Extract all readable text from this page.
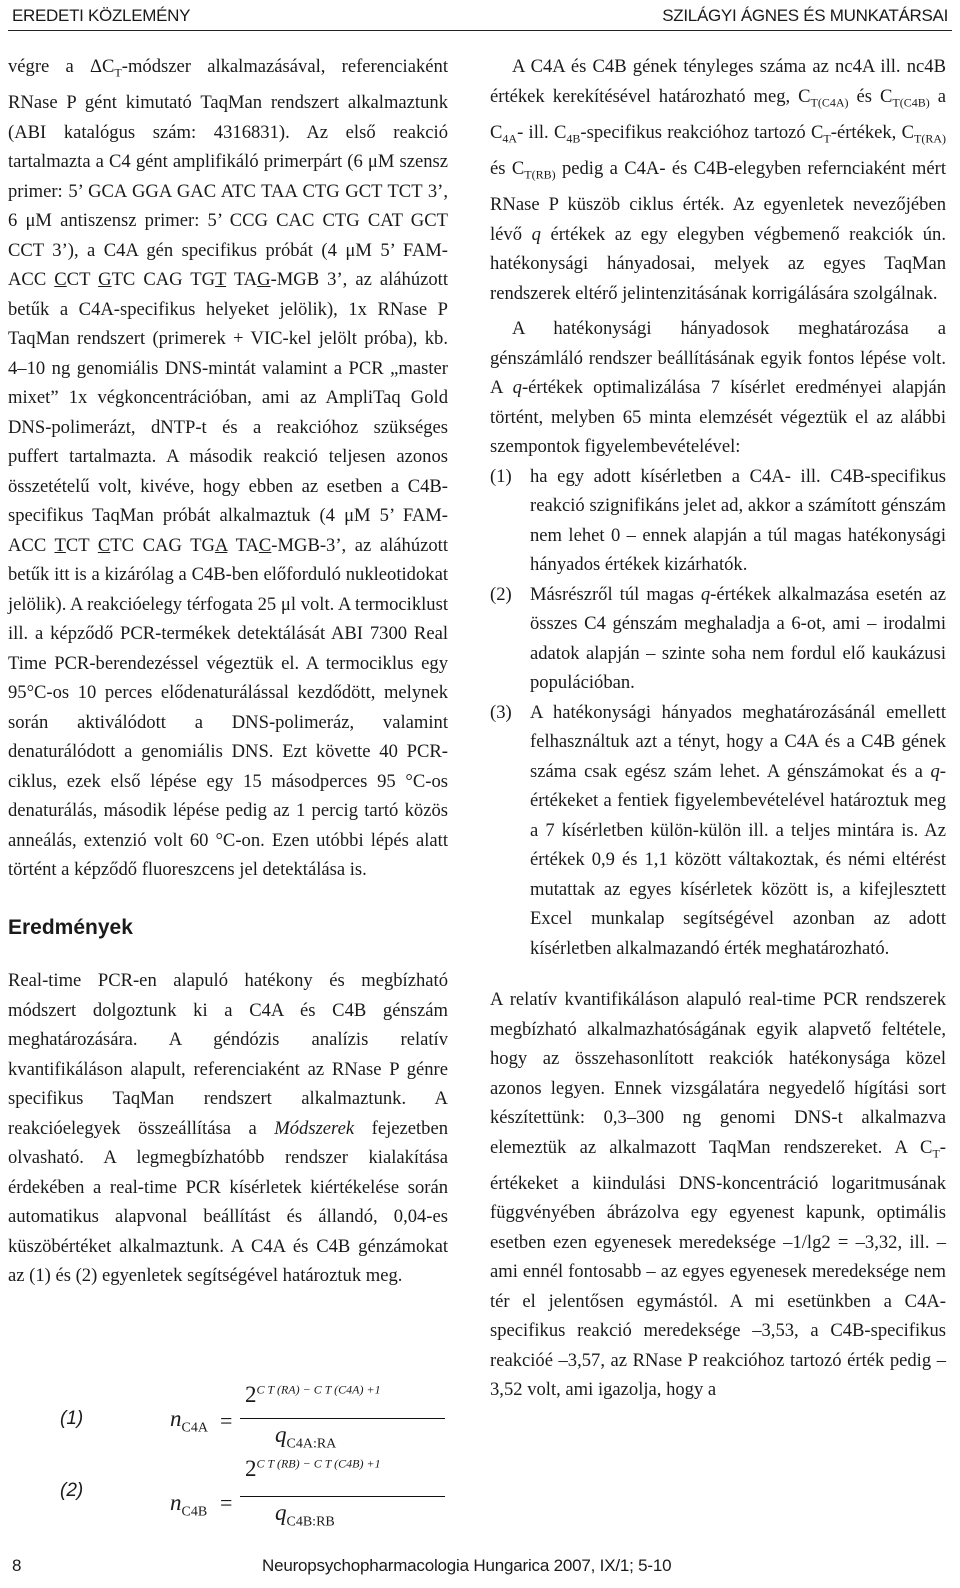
EREDETI KÖZLEMÉNY	SZILÁGYI ÁGNES ÉS MUNKATÁRSAI

végre a $\Delta C_T$-módszer alkalmazásával, referenciaként RNase P gént kimutató TaqMan rendszert alkalmaztunk (ABI katalógus szám: 4316831). Az első reakció tartalmazta a C4 gént amplifikáló primerpárt (6 μM szensz primer: 5’ GCA GGA GAC ATC TAA CTG GCT TCT 3’, 6 μM antiszensz primer: 5’ CCG CAC CTG CAT GCT CCT 3’), a C4A gén specifikus próbát (4 μM 5’ FAM-ACC CCT GTC CAG TGT TAG-MGB 3’, az aláhúzott betűk a C4A-specifikus helyeket jelölik), 1x RNase P TaqMan rendszert (primerek + VIC-kel jelölt próba), kb. 4–10 ng genomiális DNS-mintát valamint a PCR „master mixet” 1x végkoncentrációban, ami az AmpliTaq Gold DNS-polimerázt, dNTP-t és a reakcióhoz szükséges puffert tartalmazta. A második reakció teljesen azonos összetételű volt, kivéve, hogy ebben az esetben a C4B-specifikus TaqMan próbát alkalmaztuk (4 μM 5’ FAM-ACC TCT CTC CAG TGA TAC-MGB-3’, az aláhúzott betűk itt is a kizárólag a C4B-ben előforduló nukleotidokat jelölik). A reakcióelegy térfogata 25 μl volt. A termociklust ill. a képződő PCR-termékek detektálását ABI 7300 Real Time PCR-berendezéssel végeztük el. A termociklus egy 95°C-os 10 perces elődenaturálással kezdődött, melynek során aktiválódott a DNS-polimeráz, valamint denaturálódott a genomiális DNS. Ezt követte 40 PCR-ciklus, ezek első lépése egy 15 másodperces 95 °C-os denaturálás, második lépése pedig az 1 percig tartó közös anneálás, extenzió volt 60 °C-on. Ezen utóbbi lépés alatt történt a képződő fluoreszcens jel detektálása is.

Eredmények

Real-time PCR-en alapuló hatékony és megbízható módszert dolgoztunk ki a C4A és C4B génszám meghatározására. A géndózis analízis relatív kvantifikáláson alapult, referenciaként az RNase P génre specifikus TaqMan rendszert alkalmaztunk. A reakcióelegyek összeállítása a Módszerek fejezetben olvasható. A legmegbízhatóbb rendszer kialakítása érdekében a real-time PCR kísérletek kiértékelése során automatikus alapvonal beállítást és állandó, 0,04-es küszöbértéket alkalmaztunk. A C4A és C4B génzámokat az (1) és (2) egyenletek segítségével határoztuk meg.

(1)	$n_{C4A}$ =
$2^{C T (RA) - C T (C4A) +1}$
$q_{C4A:RA}$
(2)	$n_{C4B}$ =
$2^{C T (RB) - C T (C4B) +1}$
$q_{C4B:RB}$

A C4A és C4B gének tényleges száma az nc4A ill. nc4B értékek kerekítésével határozható meg, $C_{T(C4A)}$ és $C_{T(C4B)}$ a $C_{4A}-$ ill. $C_{4B}$-specifikus reakcióhoz tartozó $C_T$-értékek, $C_{T(RA)}$ és $C_{T(RB)}$ pedig a C4A- és C4B-elegyben refernciaként mért RNase P küszöb ciklus érték. Az egyenletek nevezőjében lévő q értékek az egy elegyben végbemenő reakciók ún. hatékonysági hányadosai, melyek az egyes TaqMan rendszerek eltérő jelintenzitásának korrigálására szolgálnak.

A hatékonysági hányadosok meghatározása a génszámláló rendszer beállításának egyik fontos lépése volt. A q-értékek optimalizálása 7 kísérlet eredményei alapján történt, melyben 65 minta elemzését végeztük el az alábbi szempontok figyelembevételével:

(1) ha egy adott kísérletben a C4A- ill. C4B-specifikus reakció szignifikáns jelet ad, akkor a számított génszám nem lehet 0 – ennek alapján a túl magas hatékonysági hányados értékek kizárhatók.
(2) Másrészről túl magas q-értékek alkalmazása esetén az összes C4 génszám meghaladja a 6-ot, ami – irodalmi adatok alapján – szinte soha nem fordul elő kaukázusi populációban.
(3) A hatékonysági hányados meghatározásánál emellett felhasználtuk azt a tényt, hogy a C4A és a C4B gének száma csak egész szám lehet. A génszámokat és a q-értékeket a fentiek figyelembevételével határoztuk meg a 7 kísérletben külön-külön ill. a teljes mintára is. Az értékek 0,9 és 1,1 között váltakoztak, és némi eltérést mutattak az egyes kísérletek között is, a kifejlesztett Excel munkalap segítségével azonban az adott kísérletben alkalmazandó érték meghatározható.

A relatív kvantifikáláson alapuló real-time PCR rendszerek megbízható alkalmazhatóságának egyik alapvető feltétele, hogy az összehasonlított reakciók hatékonysága közel azonos legyen. Ennek vizsgálatára negyedelő hígítási sort készítettünk: 0,3–300 ng genomi DNS-t alkalmazva elemeztük az alkalmazott TaqMan rendszereket. A $C_T$-értékeket a kiindulási DNS-koncentráció logaritmusának függvényében ábrázolva egy egyenest kapunk, optimális esetben ezen egyenesek meredeksége –1/lg2 = –3,32, ill. – ami ennél fontosabb – az egyes egyenesek meredeksége nem tér el jelentősen egymástól. A mi esetünkben a C4A-specifikus reakció meredeksége –3,53, a C4B-specifikus reakcióé –3,57, az RNase P reakcióhoz tartozó érték pedig –3,52 volt, ami igazolja, hogy a

8	Neuropsychopharmacologia Hungarica 2007, IX/1; 5-10
